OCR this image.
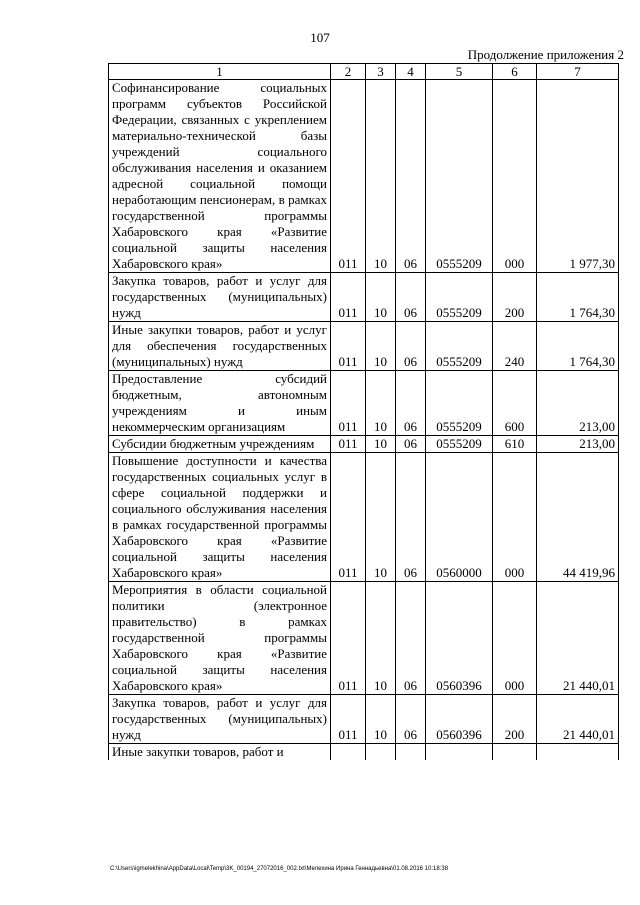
107
Продолжение приложения 2
1	2	3	4	5	6	7
Софинансирование социальных программ субъектов Российской Федерации, связанных с укреплением материально-технической базы учреждений социального обслуживания населения и оказанием адресной социальной помощи неработающим пенсионерам, в рамках государственной программы Хабаровского края «Развитие социальной защиты населения Хабаровского края»	011	10	06	0555209	000	1 977,30
Закупка товаров, работ и услуг для государственных (муниципальных) нужд	011	10	06	0555209	200	1 764,30
Иные закупки товаров, работ и услуг для обеспечения государственных (муниципальных) нужд	011	10	06	0555209	240	1 764,30
Предоставление субсидий бюджетным, автономным учреждениям и иным некоммерческим организациям	011	10	06	0555209	600	213,00
Субсидии бюджетным учреждениям	011	10	06	0555209	610	213,00
Повышение доступности и качества государственных социальных услуг в сфере социальной поддержки и социального обслуживания населения в рамках государственной программы Хабаровского края «Развитие социальной защиты населения Хабаровского края»	011	10	06	0560000	000	44 419,96
Мероприятия в области социальной политики (электронное правительство) в рамках государственной программы Хабаровского края «Развитие социальной защиты населения Хабаровского края»	011	10	06	0560396	000	21 440,01
Закупка товаров, работ и услуг для государственных (муниципальных) нужд	011	10	06	0560396	200	21 440,01
Иные закупки товаров, работ и						
C:\Users\igmelekhina\AppData\Local\Temp\3K_00194_27072016_002.txt\Мелехина Ирина Геннадьевна\01.08.2016 10:18:38
